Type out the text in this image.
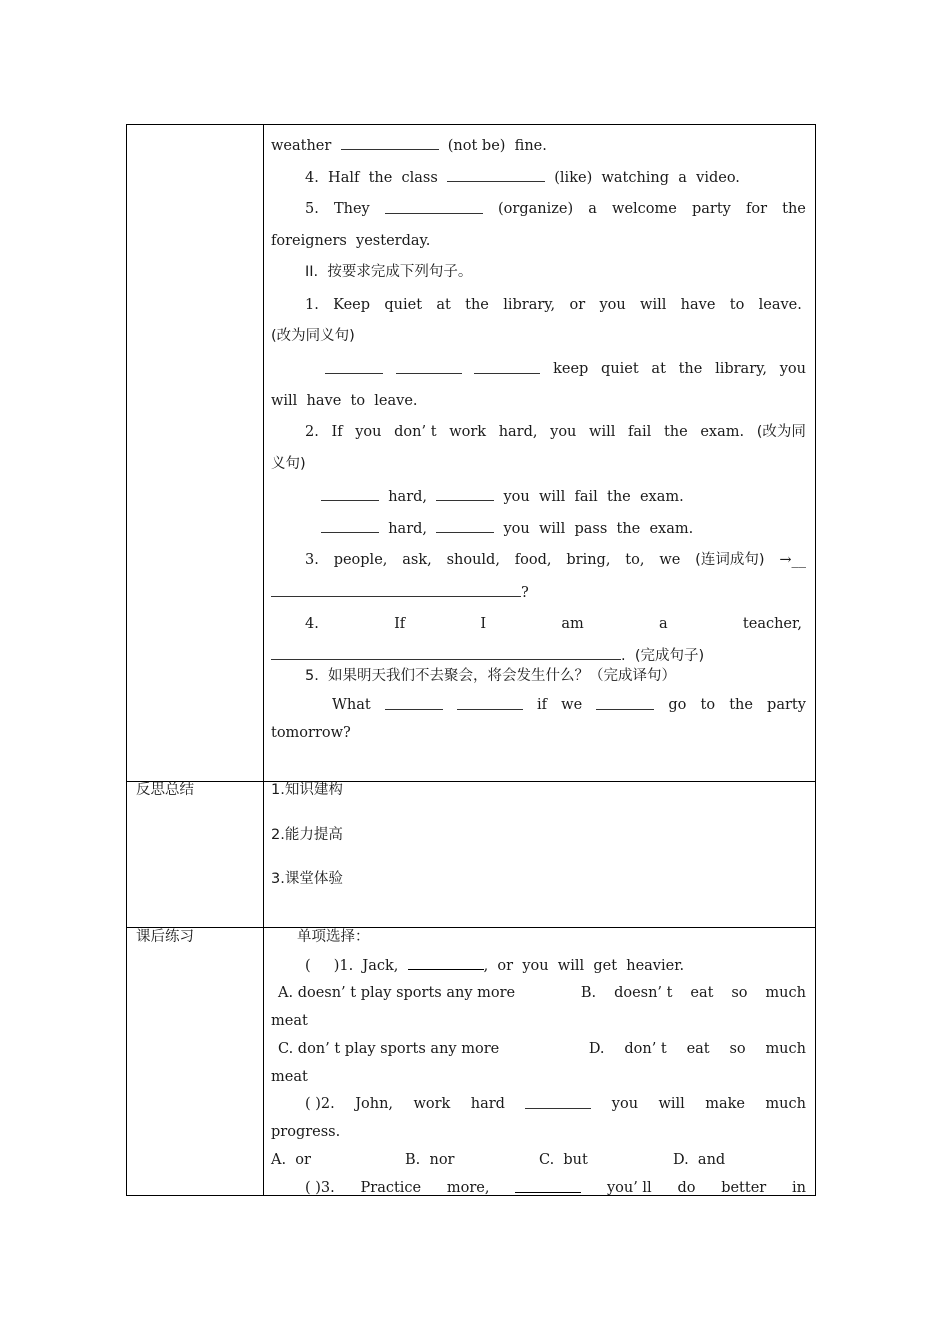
weather	(not be)  fine.
4.  Half  the  class	(like)  watching  a  video.
5. They	(organize) a welcome party for the
foreigners  yesterday.
II.  按要求完成下列句子。
1. Keep quiet at the library, or you will have to leave.
(改为同义句)
keep quiet at the library, you
will  have  to  leave.
2. If you don’ t work hard, you will fail the exam. (改为同
义句)
hard,	you  will  fail  the  exam.
hard,	you  will  pass  the  exam.
3. people, ask, should, food, bring, to, we (连词成句) →__
?
4.	If	I	am	a	teacher,
.  (完成句子)
5.  如果明天我们不去聚会，将会发生什么？（完成译句）
What	if we	go to the party
tomorrow?
反思总结	1.知识建构
2.能力提高
3.课堂体验
课后练习	单项选择：
(     )1.  Jack,	,  or  you  will  get  heavier.
A. doesn’ t play sports any more	B. doesn’ t eat so much
meat
C. don’ t play sports any more	D. don’ t eat so much
meat
( )2. John, work hard	you will make much
progress.
A.  or	B.  nor	C.  but	D.  and
( )3. Practice more,	you’ ll do better in
